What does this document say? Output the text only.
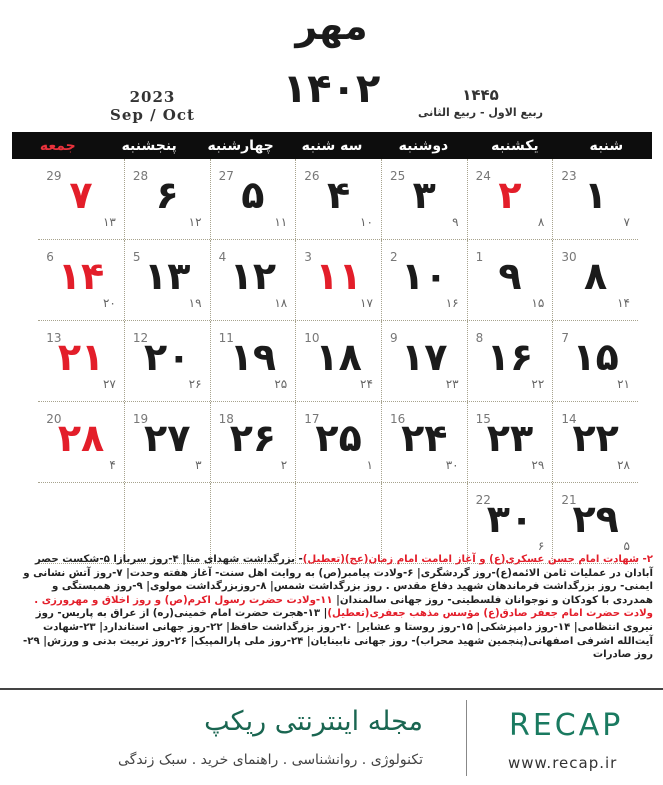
مهر
۱۴۰۲
2023
Sep / Oct
۱۴۴۵
ربیع الاول - ربیع الثانی
شنبه
یکشنبه
دوشنبه
سه شنبه
چهارشنبه
پنجشنبه
جمعه
۱
23
۷
۲
24
۸
۳
25
۹
۴
26
۱۰
۵
27
۱۱
۶
28
۱۲
۷
29
۱۳
۸
30
۱۴
۹
1
۱۵
۱۰
2
۱۶
۱۱
3
۱۷
۱۲
4
۱۸
۱۳
5
۱۹
۱۴
6
۲۰
۱۵
7
۲۱
۱۶
8
۲۲
۱۷
9
۲۳
۱۸
10
۲۴
۱۹
11
۲۵
۲۰
12
۲۶
۲۱
13
۲۷
۲۲
14
۲۸
۲۳
15
۲۹
۲۴
16
۳۰
۲۵
17
۱
۲۶
18
۲
۲۷
19
۳
۲۸
20
۴
۲۹
21
۵
۳۰
22
۶
۲- شهادت امام حسن عسکری(ع) و آغاز امامت امام زمان(عج)(تعطیل)- بزرگداشت شهدای منا| ۴-روز سربازا ۵-شکست حصر آبادان در عملیات ثامن الائمه(ع)-روز گردشگری| ۶-ولادت پیامبر(ص) به روایت اهل سنت- آغاز هفته وحدت| ۷-روز آتش نشانی و ایمنی- روز بزرگداشت فرماندهان شهید دفاع مقدس . روز بزرگداشت شمس| ۸-روزبزرگداشت مولوی| ۹-روز همبستگی و همدردی با کودکان و نوجوانان فلسطینی- روز جهانی سالمندان| ۱۱-ولادت حضرت رسول اکرم(ص) و روز اخلاق و مهرورزی . ولادت حضرت امام جعفر صادق(ع) مؤسس مذهب جعفری(تعطیل)| ۱۳-هجرت حضرت امام خمینی(ره) از عراق به پاریس- روز نیروی انتظامی| ۱۴-روز دامپزشکی| ۱۵-روز روستا و عشایر| ۲۰-روز بزرگداشت حافظ| ۲۲-روز جهانی استاندارد| ۲۳-شهادت آیت‌الله اشرفی اصفهانی(پنجمین شهید محراب)- روز جهانی نابینایان| ۲۴-روز ملی پارالمپیک| ۲۶-روز تربیت بدنی و ورزش| ۲۹-روز صادرات
مجله اینترنتی ریکپ
تکنولوژی . روانشناسی . راهنمای خرید . سبک زندگی
RECAP
www.recap.ir
